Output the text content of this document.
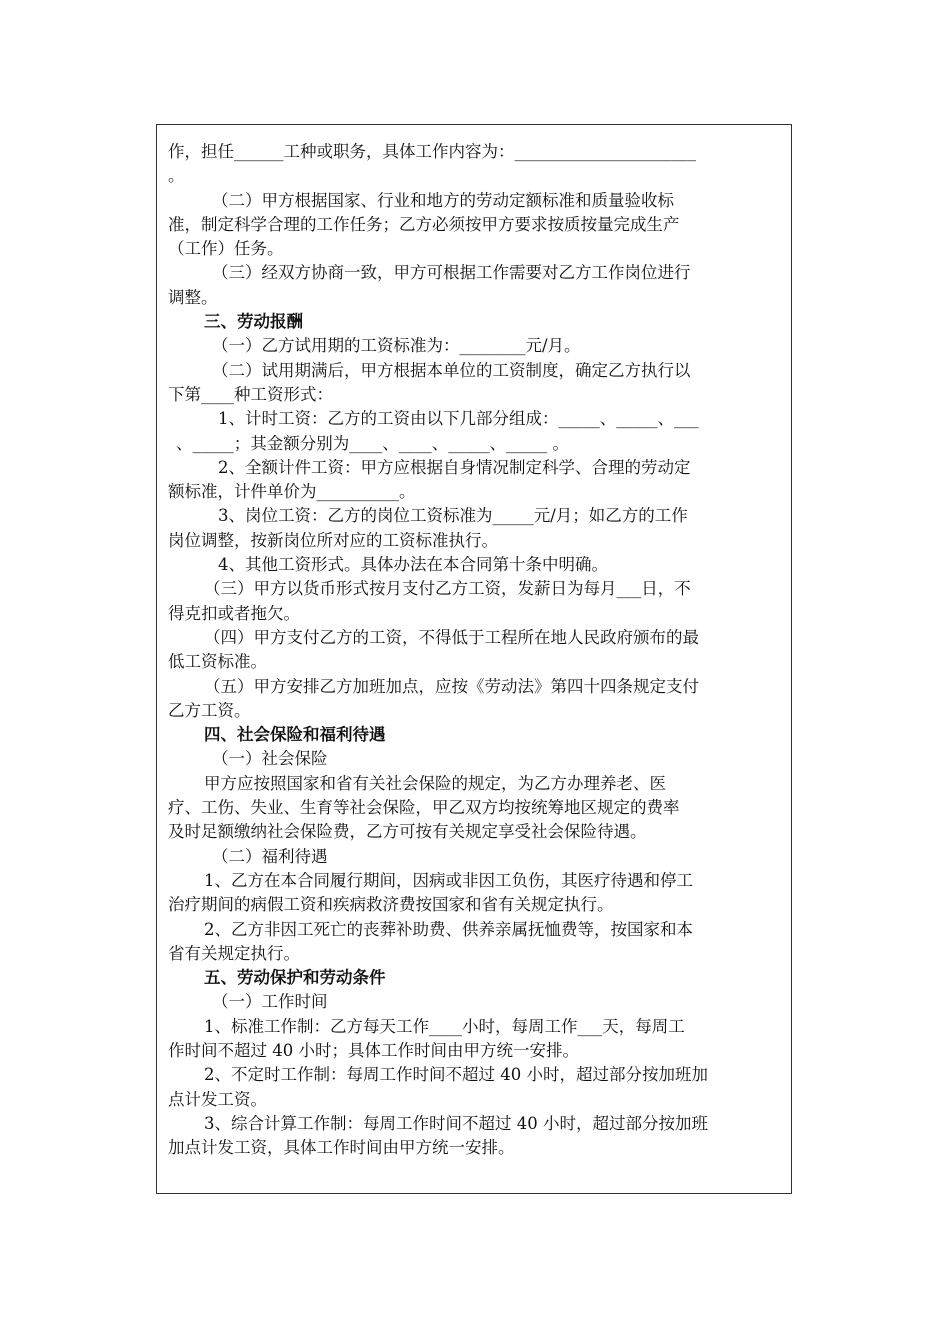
作，担任______工种或职务，具体工作内容为：______________________
。
（二）甲方根据国家、行业和地方的劳动定额标准和质量验收标
准，制定科学合理的工作任务；乙方必须按甲方要求按质按量完成生产
（工作）任务。
（三）经双方协商一致，甲方可根据工作需要对乙方工作岗位进行
调整。
三、劳动报酬
（一）乙方试用期的工资标准为：________元/月。
（二）试用期满后，甲方根据本单位的工资制度，确定乙方执行以
下第____种工资形式：
1、计时工资：乙方的工资由以下几部分组成：_____、_____、___
、_____；其金额分别为____、____、_____、_____ 。
2、全额计件工资：甲方应根据自身情况制定科学、合理的劳动定
额标准，计件单价为__________。
3、岗位工资：乙方的岗位工资标准为_____元/月；如乙方的工作
岗位调整，按新岗位所对应的工资标准执行。
4、其他工资形式。具体办法在本合同第十条中明确。
（三）甲方以货币形式按月支付乙方工资，发薪日为每月___日，不
得克扣或者拖欠。
（四）甲方支付乙方的工资，不得低于工程所在地人民政府颁布的最
低工资标准。
（五）甲方安排乙方加班加点，应按《劳动法》第四十四条规定支付
乙方工资。
四、社会保险和福利待遇
（一）社会保险
甲方应按照国家和省有关社会保险的规定，为乙方办理养老、医
疗、工伤、失业、生育等社会保险，甲乙双方均按统筹地区规定的费率
及时足额缴纳社会保险费，乙方可按有关规定享受社会保险待遇。
（二）福利待遇
1、乙方在本合同履行期间，因病或非因工负伤，其医疗待遇和停工
治疗期间的病假工资和疾病救济费按国家和省有关规定执行。
2、乙方非因工死亡的丧葬补助费、供养亲属抚恤费等，按国家和本
省有关规定执行。
五、劳动保护和劳动条件
（一）工作时间
1、标准工作制：乙方每天工作____小时，每周工作___天，每周工
作时间不超过 40 小时；具体工作时间由甲方统一安排。
2、不定时工作制：每周工作时间不超过 40 小时，超过部分按加班加
点计发工资。
3、综合计算工作制：每周工作时间不超过 40 小时，超过部分按加班
加点计发工资，具体工作时间由甲方统一安排。
